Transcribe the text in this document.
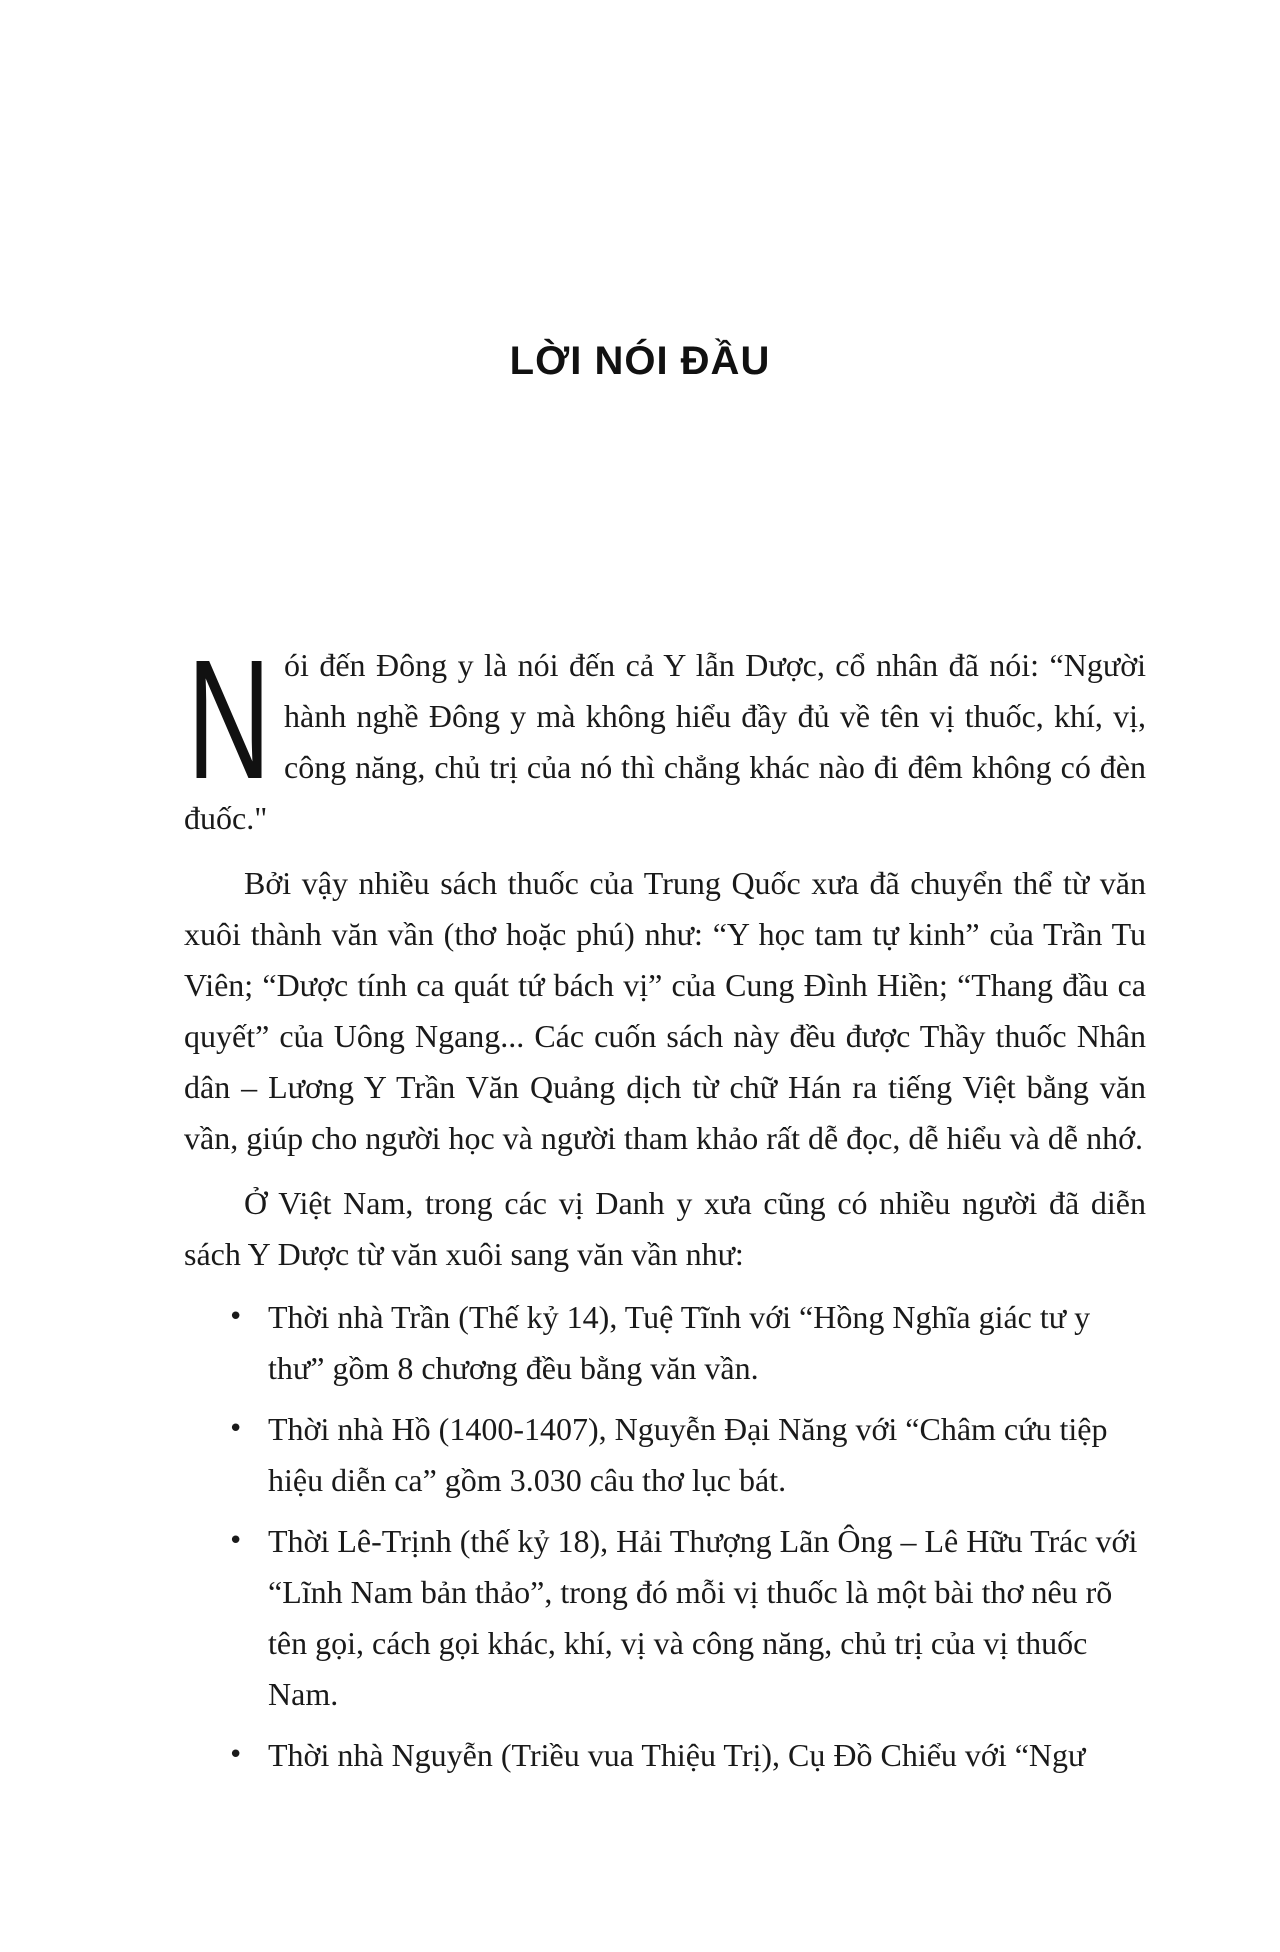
LỜI NÓI ĐẦU

N ói đến Đông y là nói đến cả Y lẫn Dược, cổ nhân đã nói: “Người hành nghề Đông y mà không hiểu đầy đủ về tên vị thuốc, khí, vị, công năng, chủ trị của nó thì chẳng khác nào đi đêm không có đèn đuốc."

Bởi vậy nhiều sách thuốc của Trung Quốc xưa đã chuyển thể từ văn xuôi thành văn vần (thơ hoặc phú) như: “Y học tam tự kinh” của Trần Tu Viên; “Dược tính ca quát tứ bách vị” của Cung Đình Hiền; “Thang đầu ca quyết” của Uông Ngang... Các cuốn sách này đều được Thầy thuốc Nhân dân – Lương Y Trần Văn Quảng dịch từ chữ Hán ra tiếng Việt bằng văn vần, giúp cho người học và người tham khảo rất dễ đọc, dễ hiểu và dễ nhớ.

Ở Việt Nam, trong các vị Danh y xưa cũng có nhiều người đã diễn sách Y Dược từ văn xuôi sang văn vần như:

• Thời nhà Trần (Thế kỷ 14), Tuệ Tĩnh với “Hồng Nghĩa giác tư y thư” gồm 8 chương đều bằng văn vần.
• Thời nhà Hồ (1400-1407), Nguyễn Đại Năng với “Châm cứu tiệp hiệu diễn ca” gồm 3.030 câu thơ lục bát.
• Thời Lê-Trịnh (thế kỷ 18), Hải Thượng Lãn Ông – Lê Hữu Trác với “Lĩnh Nam bản thảo”, trong đó mỗi vị thuốc là một bài thơ nêu rõ tên gọi, cách gọi khác, khí, vị và công năng, chủ trị của vị thuốc Nam.
• Thời nhà Nguyễn (Triều vua Thiệu Trị), Cụ Đồ Chiểu với “Ngư
